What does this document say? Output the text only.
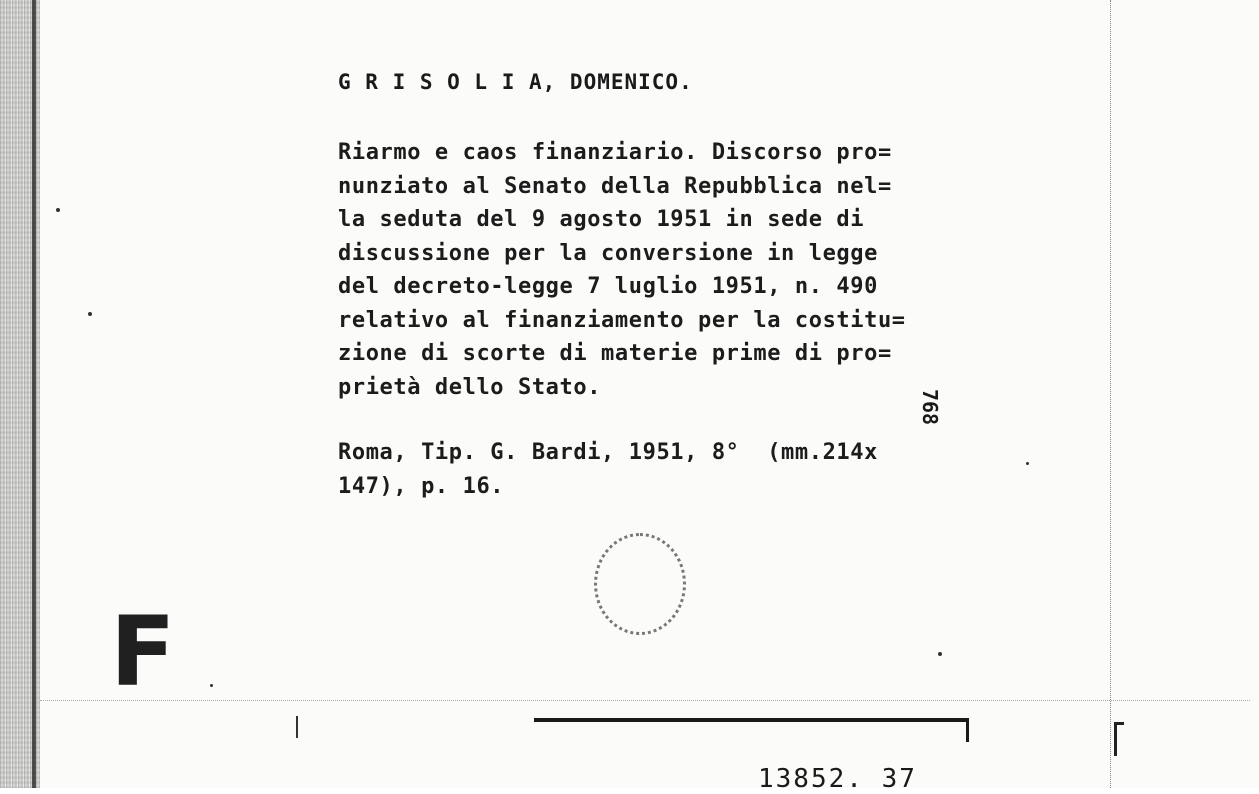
G R I S O L I A, DOMENICO.
Riarmo e caos finanziario. Discorso pro=
nunziato al Senato della Repubblica nel=
la seduta del 9 agosto 1951 in sede di
discussione per la conversione in legge
del decreto-legge 7 luglio 1951, n. 490
relativo al finanziamento per la costitu=
zione di scorte di materie prime di pro=
prietà dello Stato.
768
Roma, Tip. G. Bardi, 1951, 8°  (mm.214x
147), p. 16.
F
13852. 37
